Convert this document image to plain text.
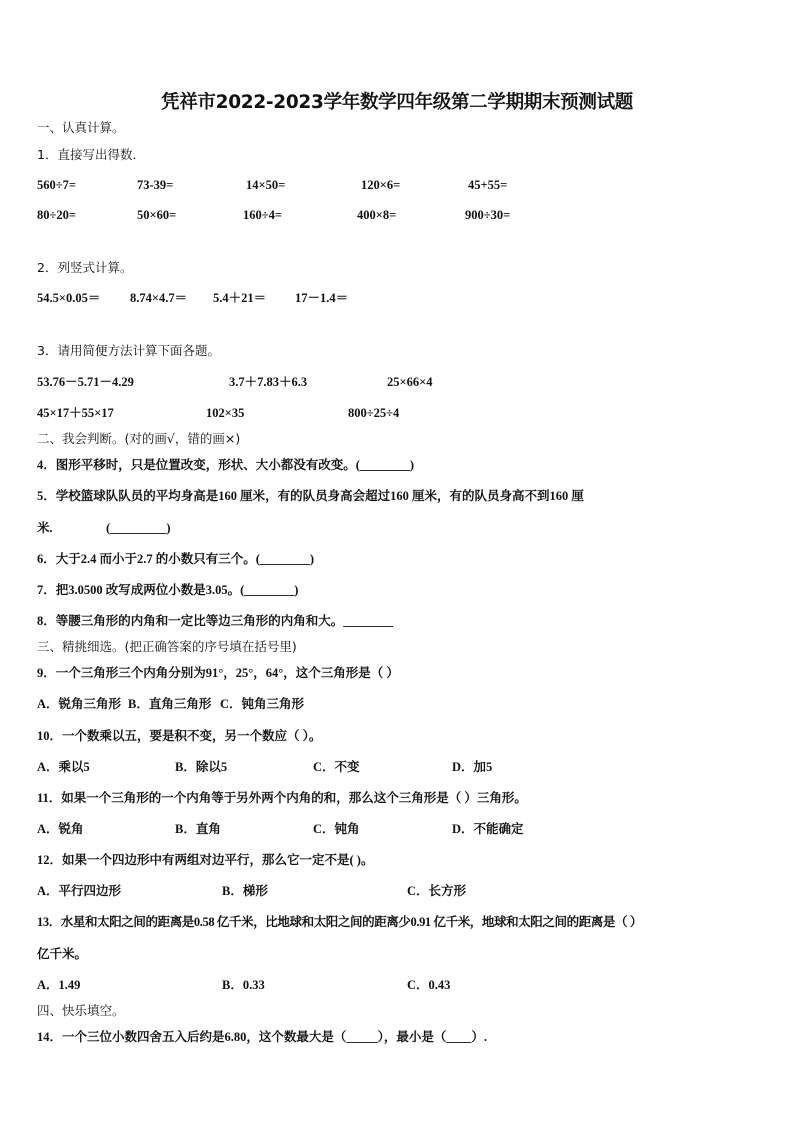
凭祥市2022-2023学年数学四年级第二学期期末预测试题
一、认真计算。
1．直接写出得数．
560÷7=	73-39=	14×50=	120×6=	45+55=
80÷20=	50×60=	160÷4=	400×8=	900÷30=
2．列竖式计算。
54.5×0.05＝ 8.74×4.7＝ 5.4＋21＝ 17－1.4＝
3．请用简便方法计算下面各题。
53.76－5.71－4.29	3.7＋7.83＋6.3	25×66×4
45×17＋55×17	102×35	800÷25÷4
二、我会判断。(对的画√，错的画×)
4．图形平移时，只是位置改变，形状、大小都没有改变。(________)
5．学校篮球队队员的平均身高是160 厘米，有的队员身高会超过160 厘米，有的队员身高不到160 厘
米.	(_________)
6．大于2.4 而小于2.7 的小数只有三个。(________)
7．把3.0500 改写成两位小数是3.05。(________)
8．等腰三角形的内角和一定比等边三角形的内角和大。________
三、精挑细选。(把正确答案的序号填在括号里)
9．一个三角形三个内角分别为91°，25°，64°，这个三角形是（ ）
A．锐角三角形 B．直角三角形 C．钝角三角形
10．一个数乘以五，要是积不变，另一个数应（ ）。
A．乘以5	B．除以5	C．不变	D．加5
11．如果一个三角形的一个内角等于另外两个内角的和，那么这个三角形是（ ）三角形。
A．锐角	B．直角	C．钝角	D．不能确定
12．如果一个四边形中有两组对边平行，那么它一定不是( )。
A．平行四边形	B．梯形	C．长方形
13．水星和太阳之间的距离是0.58 亿千米，比地球和太阳之间的距离少0.91 亿千米，地球和太阳之间的距离是（ ）
亿千米。
A．1.49	B．0.33	C．0.43
四、快乐填空。
14．一个三位小数四舍五入后约是6.80，这个数最大是（_____），最小是（____）.
